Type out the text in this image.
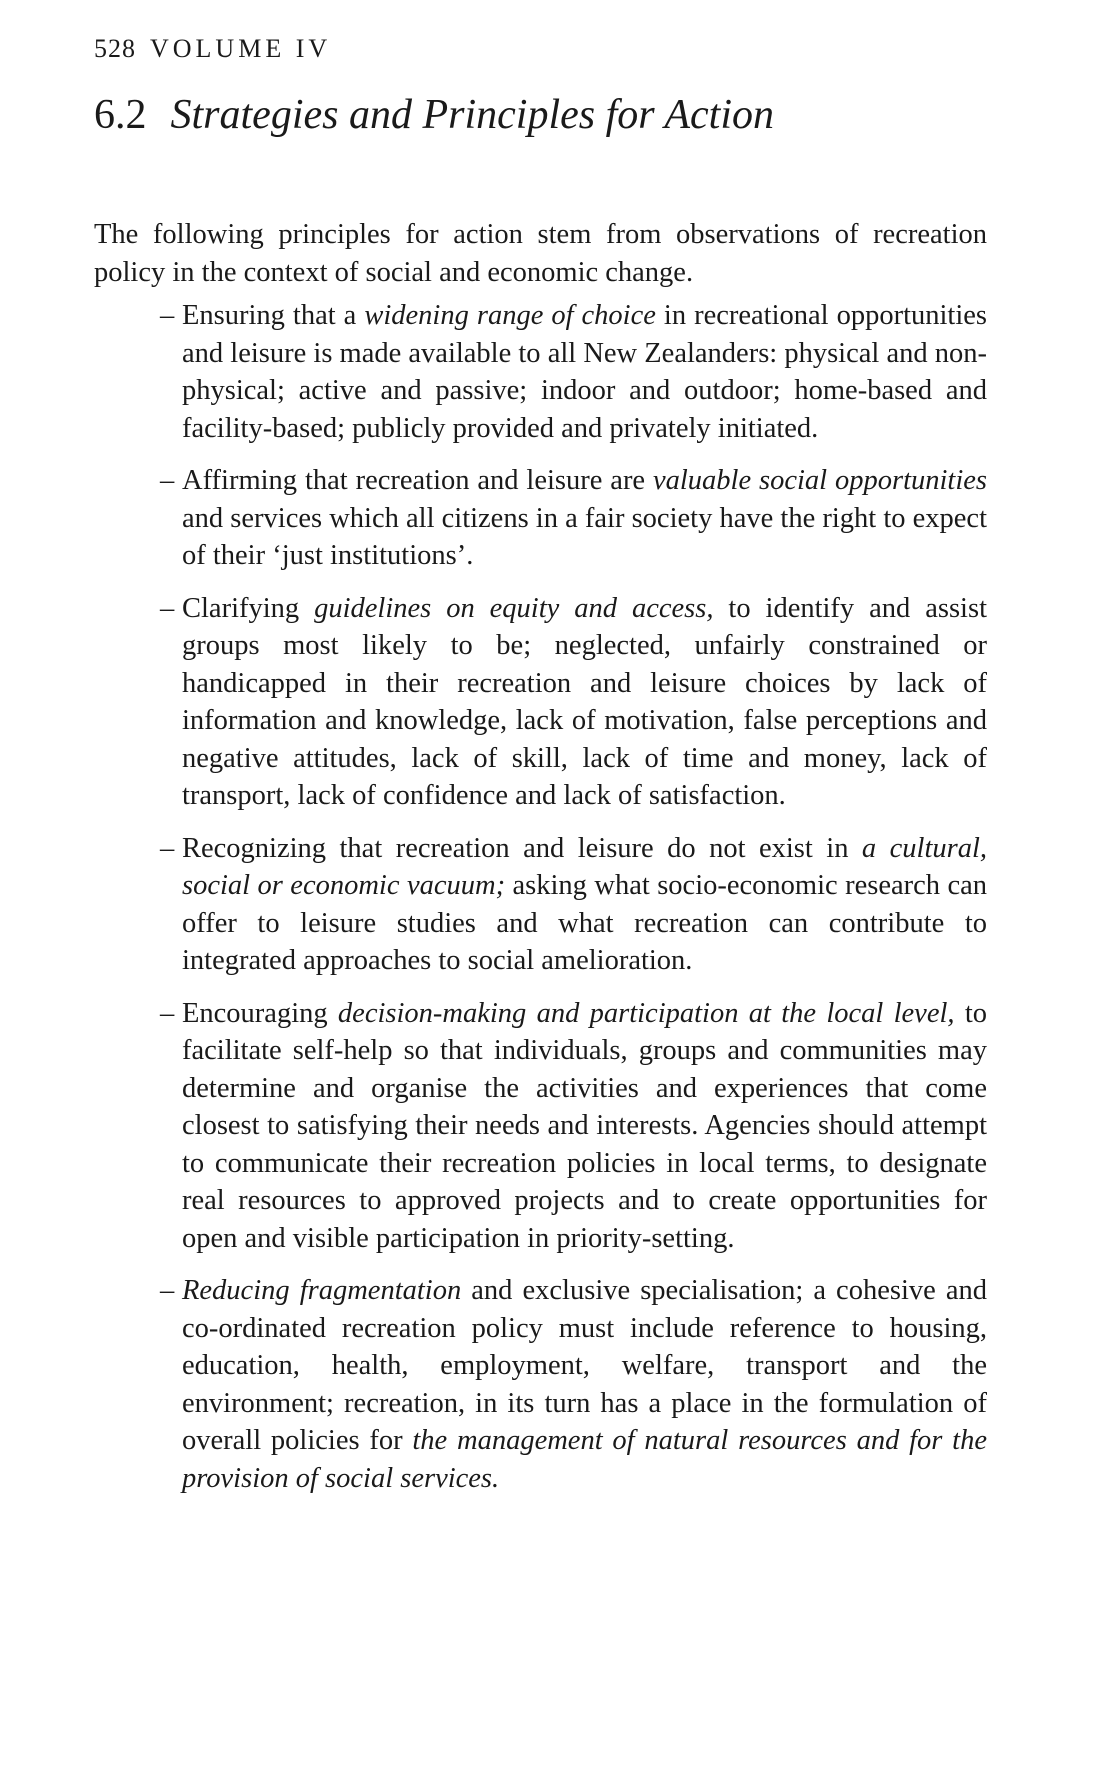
528 VOLUME IV

6.2 Strategies and Principles for Action

The following principles for action stem from observations of recreation policy in the context of social and economic change.

– Ensuring that a widening range of choice in recreational opportunities and leisure is made available to all New Zealanders: physical and non-physical; active and passive; indoor and outdoor; home-based and facility-based; publicly provided and privately initiated.
– Affirming that recreation and leisure are valuable social opportunities and services which all citizens in a fair society have the right to expect of their ‘just institutions’.
– Clarifying guidelines on equity and access, to identify and assist groups most likely to be; neglected, unfairly constrained or handicapped in their recreation and leisure choices by lack of information and knowledge, lack of motivation, false perceptions and negative attitudes, lack of skill, lack of time and money, lack of transport, lack of confidence and lack of satisfaction.
– Recognizing that recreation and leisure do not exist in a cultural, social or economic vacuum; asking what socio-economic research can offer to leisure studies and what recreation can contribute to integrated approaches to social amelioration.
– Encouraging decision-making and participation at the local level, to facilitate self-help so that individuals, groups and communities may determine and organise the activities and experiences that come closest to satisfying their needs and interests. Agencies should attempt to communicate their recreation policies in local terms, to designate real resources to approved projects and to create opportunities for open and visible participation in priority-setting.
– Reducing fragmentation and exclusive specialisation; a cohesive and co-ordinated recreation policy must include reference to housing, education, health, employment, welfare, transport and the environment; recreation, in its turn has a place in the formulation of overall policies for the management of natural resources and for the provision of social services.
